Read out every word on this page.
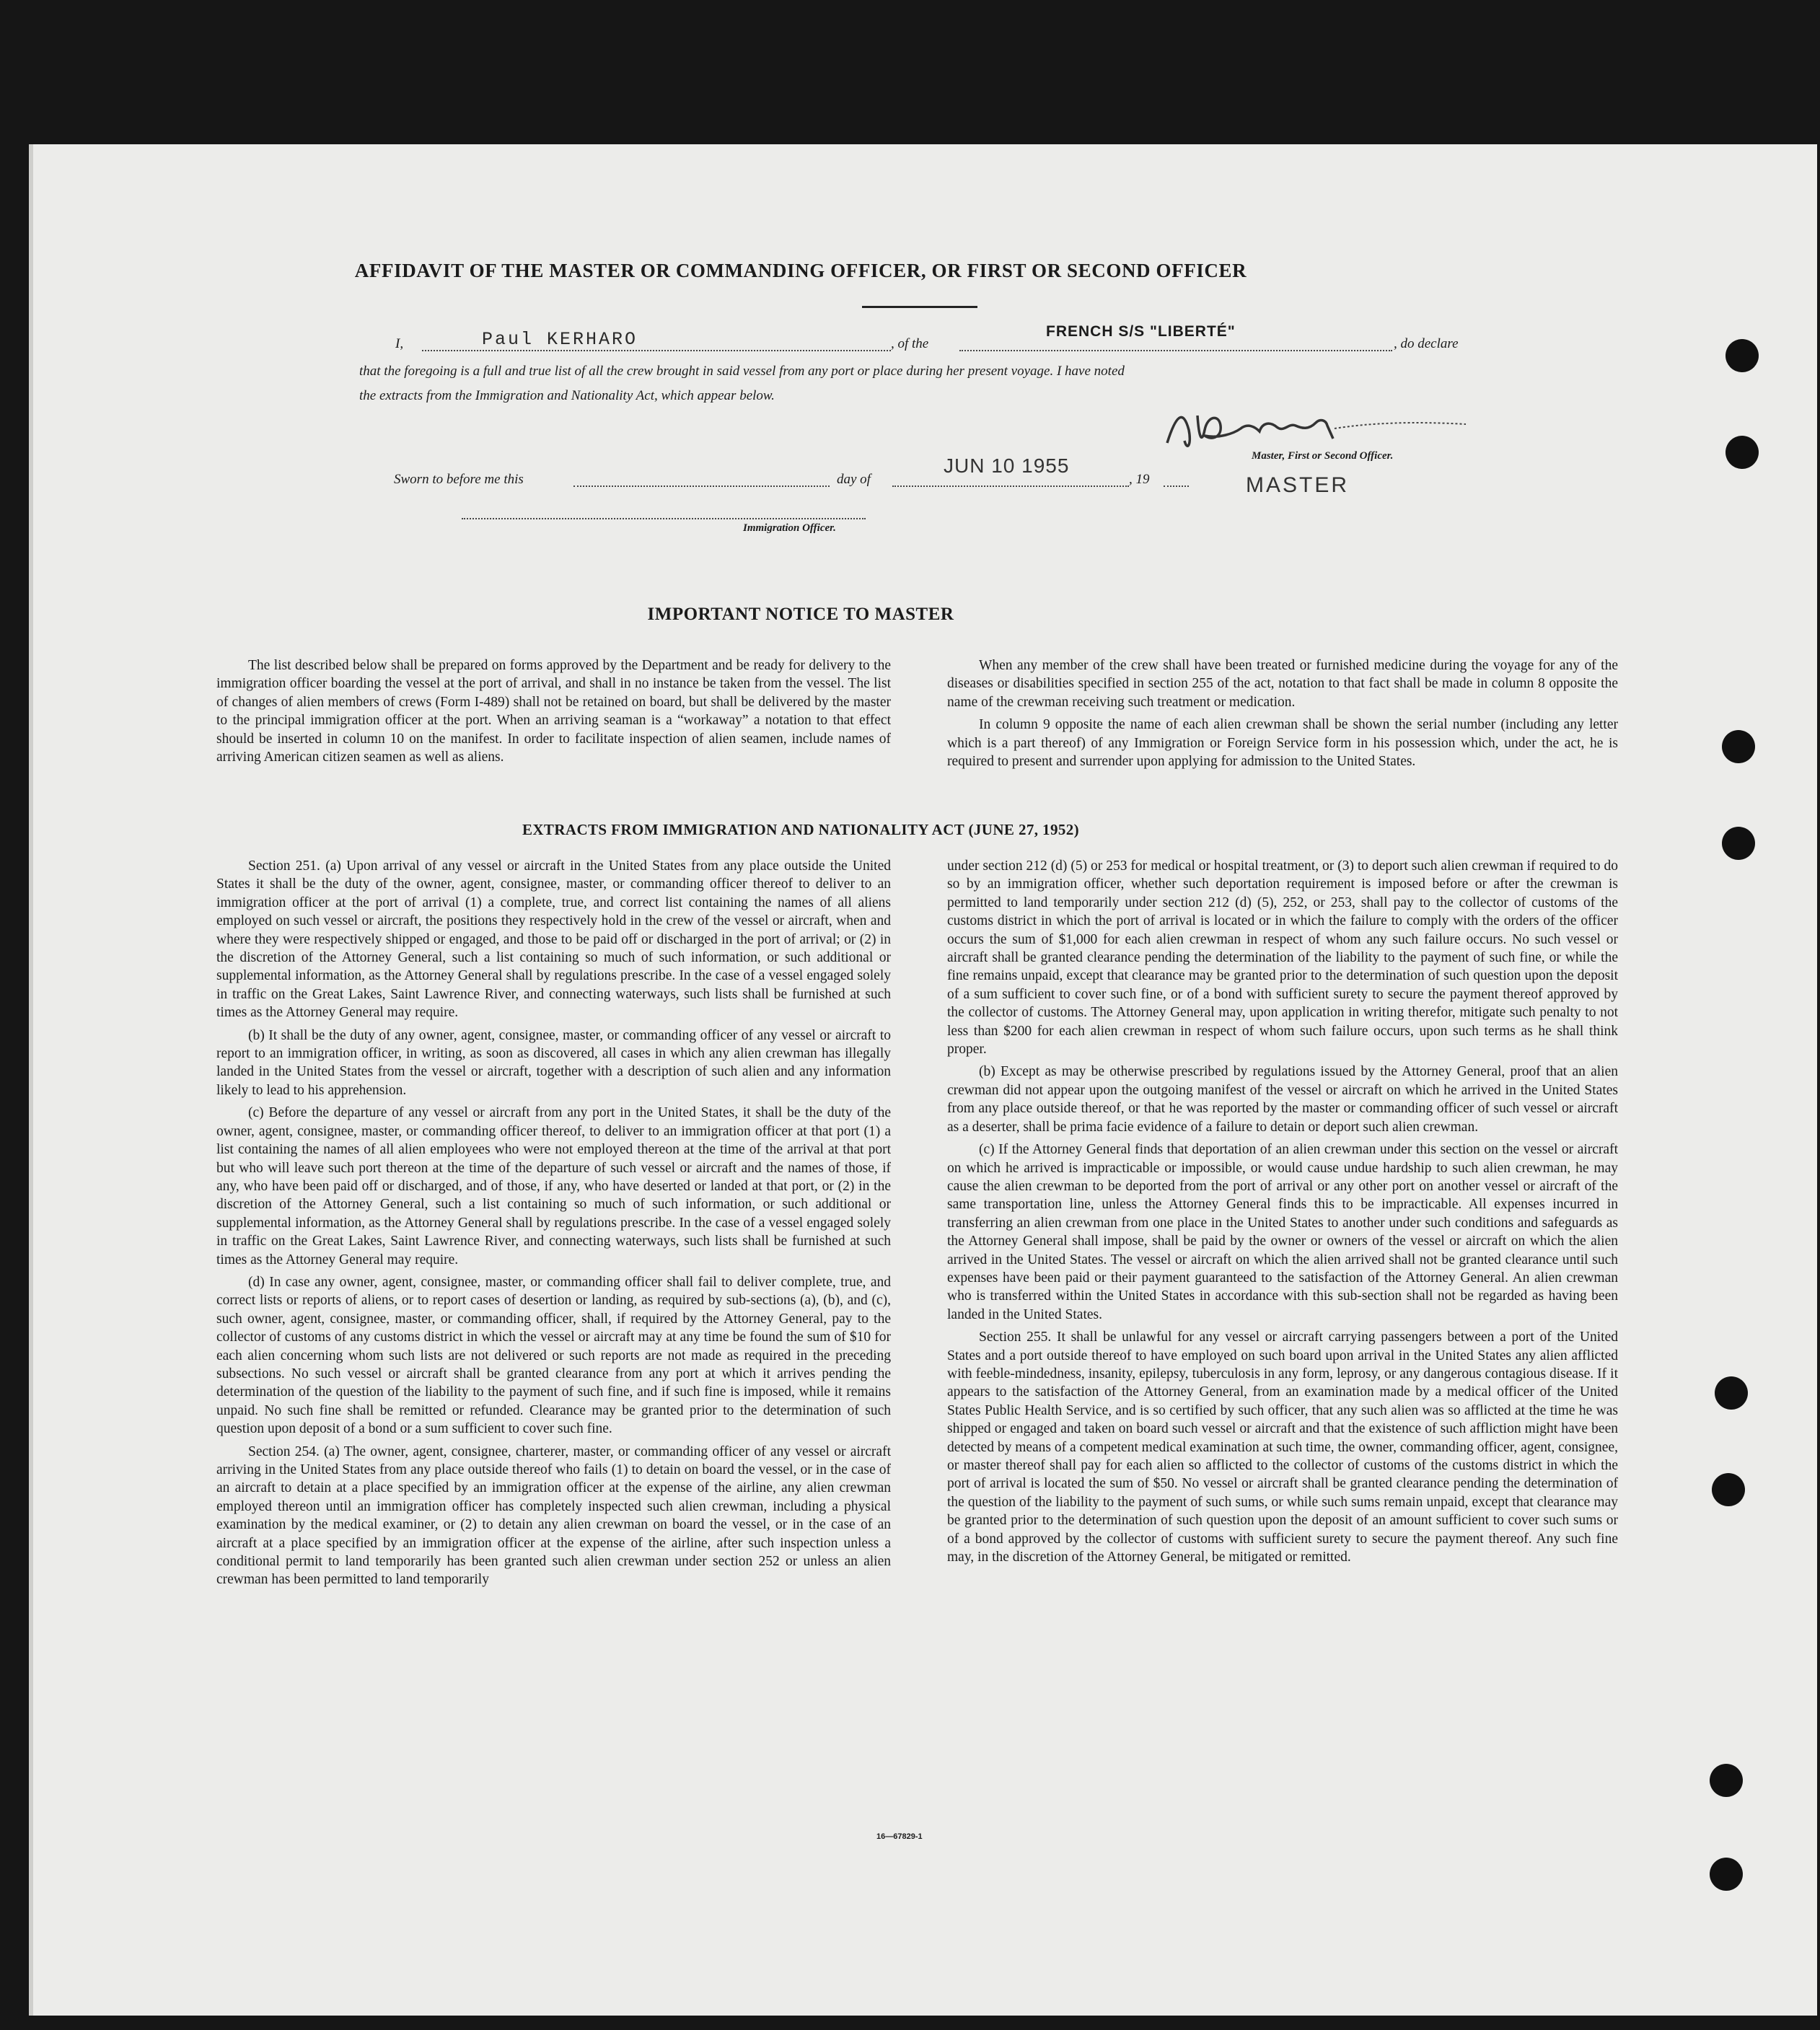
AFFIDAVIT OF THE MASTER OR COMMANDING OFFICER, OR FIRST OR SECOND OFFICER
I,	Paul KERHARO	, of the
FRENCH S/S "LIBERTÉ"
, do declare
that the foregoing is a full and true list of all the crew brought in said vessel from any port or place during her present voyage. I have noted
the extracts from the Immigration and Nationality Act, which appear below.
Master, First or Second Officer.
Sworn to before me this	day of
JUN 10 1955
, 19	MASTER
Immigration Officer.
IMPORTANT NOTICE TO MASTER

The list described below shall be prepared on forms approved by the Department and be ready for delivery to the immigration officer boarding the vessel at the port of arrival, and shall in no instance be taken from the vessel. The list of changes of alien members of crews (Form I-489) shall not be retained on board, but shall be delivered by the master to the principal immigration officer at the port. When an arriving seaman is a “workaway” a notation to that effect should be inserted in column 10 on the manifest. In order to facilitate inspection of alien seamen, include names of arriving American citizen seamen as well as aliens.

When any member of the crew shall have been treated or furnished medicine during the voyage for any of the diseases or disabilities specified in section 255 of the act, notation to that fact shall be made in column 8 opposite the name of the crewman receiving such treatment or medication.

In column 9 opposite the name of each alien crewman shall be shown the serial number (including any letter which is a part thereof) of any Immigration or Foreign Service form in his possession which, under the act, he is required to present and surrender upon applying for admission to the United States.

EXTRACTS FROM IMMIGRATION AND NATIONALITY ACT (JUNE 27, 1952)

Section 251. (a) Upon arrival of any vessel or aircraft in the United States from any place outside the United States it shall be the duty of the owner, agent, consignee, master, or commanding officer thereof to deliver to an immigration officer at the port of arrival (1) a complete, true, and correct list containing the names of all aliens employed on such vessel or aircraft, the positions they respectively hold in the crew of the vessel or aircraft, when and where they were respectively shipped or engaged, and those to be paid off or discharged in the port of arrival; or (2) in the discretion of the Attorney General, such a list containing so much of such information, or such additional or supplemental information, as the Attorney General shall by regulations prescribe. In the case of a vessel engaged solely in traffic on the Great Lakes, Saint Lawrence River, and connecting waterways, such lists shall be furnished at such times as the Attorney General may require.

(b) It shall be the duty of any owner, agent, consignee, master, or commanding officer of any vessel or aircraft to report to an immigration officer, in writing, as soon as discovered, all cases in which any alien crewman has illegally landed in the United States from the vessel or aircraft, together with a description of such alien and any information likely to lead to his apprehension.

(c) Before the departure of any vessel or aircraft from any port in the United States, it shall be the duty of the owner, agent, consignee, master, or commanding officer thereof, to deliver to an immigration officer at that port (1) a list containing the names of all alien employees who were not employed thereon at the time of the arrival at that port but who will leave such port thereon at the time of the departure of such vessel or aircraft and the names of those, if any, who have been paid off or discharged, and of those, if any, who have deserted or landed at that port, or (2) in the discretion of the Attorney General, such a list containing so much of such information, or such additional or supplemental information, as the Attorney General shall by regulations prescribe. In the case of a vessel engaged solely in traffic on the Great Lakes, Saint Lawrence River, and connecting waterways, such lists shall be furnished at such times as the Attorney General may require.

(d) In case any owner, agent, consignee, master, or commanding officer shall fail to deliver complete, true, and correct lists or reports of aliens, or to report cases of desertion or landing, as required by sub-sections (a), (b), and (c), such owner, agent, consignee, master, or commanding officer, shall, if required by the Attorney General, pay to the collector of customs of any customs district in which the vessel or aircraft may at any time be found the sum of $10 for each alien concerning whom such lists are not delivered or such reports are not made as required in the preceding subsections. No such vessel or aircraft shall be granted clearance from any port at which it arrives pending the determination of the question of the liability to the payment of such fine, and if such fine is imposed, while it remains unpaid. No such fine shall be remitted or refunded. Clearance may be granted prior to the determination of such question upon deposit of a bond or a sum sufficient to cover such fine.

Section 254. (a) The owner, agent, consignee, charterer, master, or commanding officer of any vessel or aircraft arriving in the United States from any place outside thereof who fails (1) to detain on board the vessel, or in the case of an aircraft to detain at a place specified by an immigration officer at the expense of the airline, any alien crewman employed thereon until an immigration officer has completely inspected such alien crewman, including a physical examination by the medical examiner, or (2) to detain any alien crewman on board the vessel, or in the case of an aircraft at a place specified by an immigration officer at the expense of the airline, after such inspection unless a conditional permit to land temporarily has been granted such alien crewman under section 252 or unless an alien crewman has been permitted to land temporarily

under section 212 (d) (5) or 253 for medical or hospital treatment, or (3) to deport such alien crewman if required to do so by an immigration officer, whether such deportation requirement is imposed before or after the crewman is permitted to land temporarily under section 212 (d) (5), 252, or 253, shall pay to the collector of customs of the customs district in which the port of arrival is located or in which the failure to comply with the orders of the officer occurs the sum of $1,000 for each alien crewman in respect of whom any such failure occurs. No such vessel or aircraft shall be granted clearance pending the determination of the liability to the payment of such fine, or while the fine remains unpaid, except that clearance may be granted prior to the determination of such question upon the deposit of a sum sufficient to cover such fine, or of a bond with sufficient surety to secure the payment thereof approved by the collector of customs. The Attorney General may, upon application in writing therefor, mitigate such penalty to not less than $200 for each alien crewman in respect of whom such failure occurs, upon such terms as he shall think proper.

(b) Except as may be otherwise prescribed by regulations issued by the Attorney General, proof that an alien crewman did not appear upon the outgoing manifest of the vessel or aircraft on which he arrived in the United States from any place outside thereof, or that he was reported by the master or commanding officer of such vessel or aircraft as a deserter, shall be prima facie evidence of a failure to detain or deport such alien crewman.

(c) If the Attorney General finds that deportation of an alien crewman under this section on the vessel or aircraft on which he arrived is impracticable or impossible, or would cause undue hardship to such alien crewman, he may cause the alien crewman to be deported from the port of arrival or any other port on another vessel or aircraft of the same transportation line, unless the Attorney General finds this to be impracticable. All expenses incurred in transferring an alien crewman from one place in the United States to another under such conditions and safeguards as the Attorney General shall impose, shall be paid by the owner or owners of the vessel or aircraft on which the alien arrived in the United States. The vessel or aircraft on which the alien arrived shall not be granted clearance until such expenses have been paid or their payment guaranteed to the satisfaction of the Attorney General. An alien crewman who is transferred within the United States in accordance with this sub-section shall not be regarded as having been landed in the United States.

Section 255. It shall be unlawful for any vessel or aircraft carrying passengers between a port of the United States and a port outside thereof to have employed on such board upon arrival in the United States any alien afflicted with feeble-mindedness, insanity, epilepsy, tuberculosis in any form, leprosy, or any dangerous contagious disease. If it appears to the satisfaction of the Attorney General, from an examination made by a medical officer of the United States Public Health Service, and is so certified by such officer, that any such alien was so afflicted at the time he was shipped or engaged and taken on board such vessel or aircraft and that the existence of such affliction might have been detected by means of a competent medical examination at such time, the owner, commanding officer, agent, consignee, or master thereof shall pay for each alien so afflicted to the collector of customs of the customs district in which the port of arrival is located the sum of $50. No vessel or aircraft shall be granted clearance pending the determination of the question of the liability to the payment of such sums, or while such sums remain unpaid, except that clearance may be granted prior to the determination of such question upon the deposit of an amount sufficient to cover such sums or of a bond approved by the collector of customs with sufficient surety to secure the payment thereof. Any such fine may, in the discretion of the Attorney General, be mitigated or remitted.

16—67829-1
